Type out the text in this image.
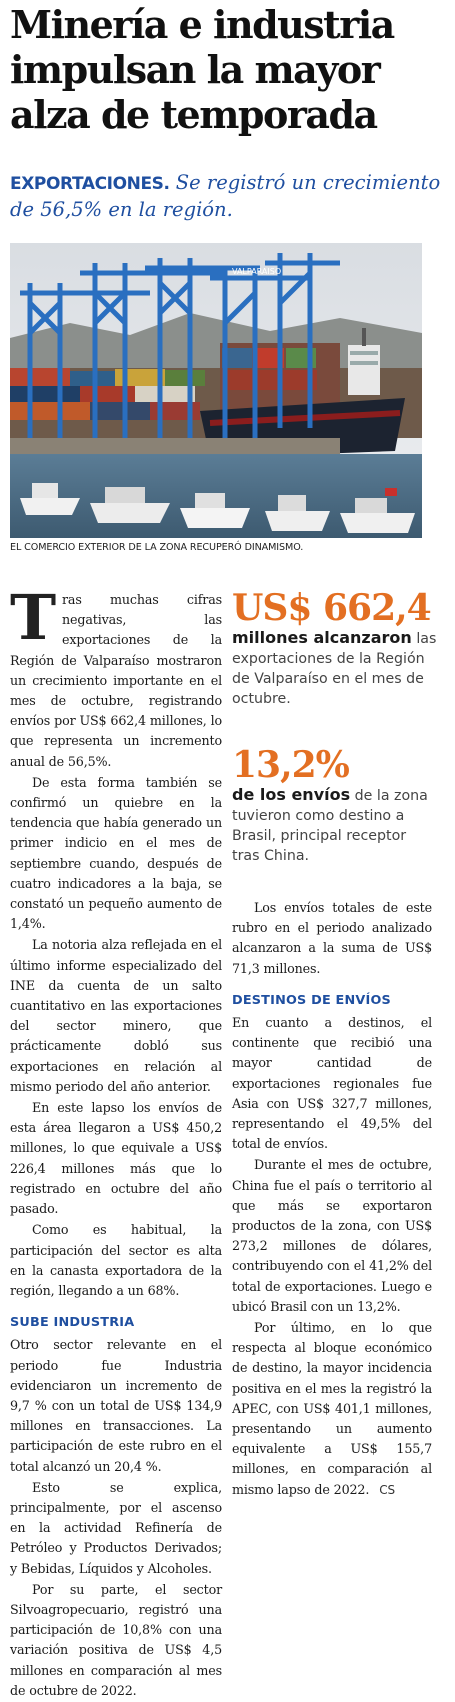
Minería e industria impulsan la mayor alza de temporada
EXPORTACIONES. Se registró un crecimiento de 56,5% en la región.
VALPARAISO
EL COMERCIO EXTERIOR DE LA ZONA RECUPERÓ DINAMISMO.
US$ 662,4
millones alcanzaron las exportaciones de la Región de Valparaíso en el mes de octubre.
13,2%
de los envíos de la zona tuvieron como destino a Brasil, principal receptor tras China.

Tras muchas cifras negativas, las exportaciones de la Región de Valparaíso mostraron un crecimiento importante en el mes de octubre, registrando envíos por US$ 662,4 millones, lo que representa un incremento anual de 56,5%.

De esta forma también se confirmó un quiebre en la tendencia que había generado un primer indicio en el mes de septiembre cuando, después de cuatro indicadores a la baja, se constató un pequeño aumento de 1,4%.

La notoria alza reflejada en el último informe especializado del INE da cuenta de un salto cuantitativo en las exportaciones del sector minero, que prácticamente dobló sus exportaciones en relación al mismo periodo del año anterior.

En este lapso los envíos de esta área llegaron a US$ 450,2 millones, lo que equivale a US$ 226,4 millones más que lo registrado en octubre del año pasado.

Como es habitual, la participación del sector es alta en la canasta exportadora de la región, llegando a un 68%.

SUBE INDUSTRIA

Otro sector relevante en el periodo fue Industria evidenciaron un incremento de 9,7 % con un total de US$ 134,9 millones en transacciones. La participación de este rubro en el total alcanzó un 20,4 %.

Esto se explica, principalmente, por el ascenso en la actividad Refinería de Petróleo y Productos Derivados; y Bebidas, Líquidos y Alcoholes.

Por su parte, el sector Silvoagropecuario, registró una participación de 10,8% con una variación positiva de US$ 4,5 millones en comparación al mes de octubre de 2022.

Los envíos totales de este rubro en el periodo analizado alcanzaron a la suma de US$ 71,3 millones.

DESTINOS DE ENVÍOS

En cuanto a destinos, el continente que recibió una mayor cantidad de exportaciones regionales fue Asia con US$ 327,7 millones, representando el 49,5% del total de envíos.

Durante el mes de octubre, China fue el país o territorio al que más se exportaron productos de la zona, con US$ 273,2 millones de dólares, contribuyendo con el 41,2% del total de exportaciones. Luego e ubicó Brasil con un 13,2%.

Por último, en lo que respecta al bloque económico de destino, la mayor incidencia positiva en el mes la registró la APEC, con US$ 401,1 millones, presentando un aumento equivalente a US$ 155,7 millones, en comparación al mismo lapso de 2022. CS
